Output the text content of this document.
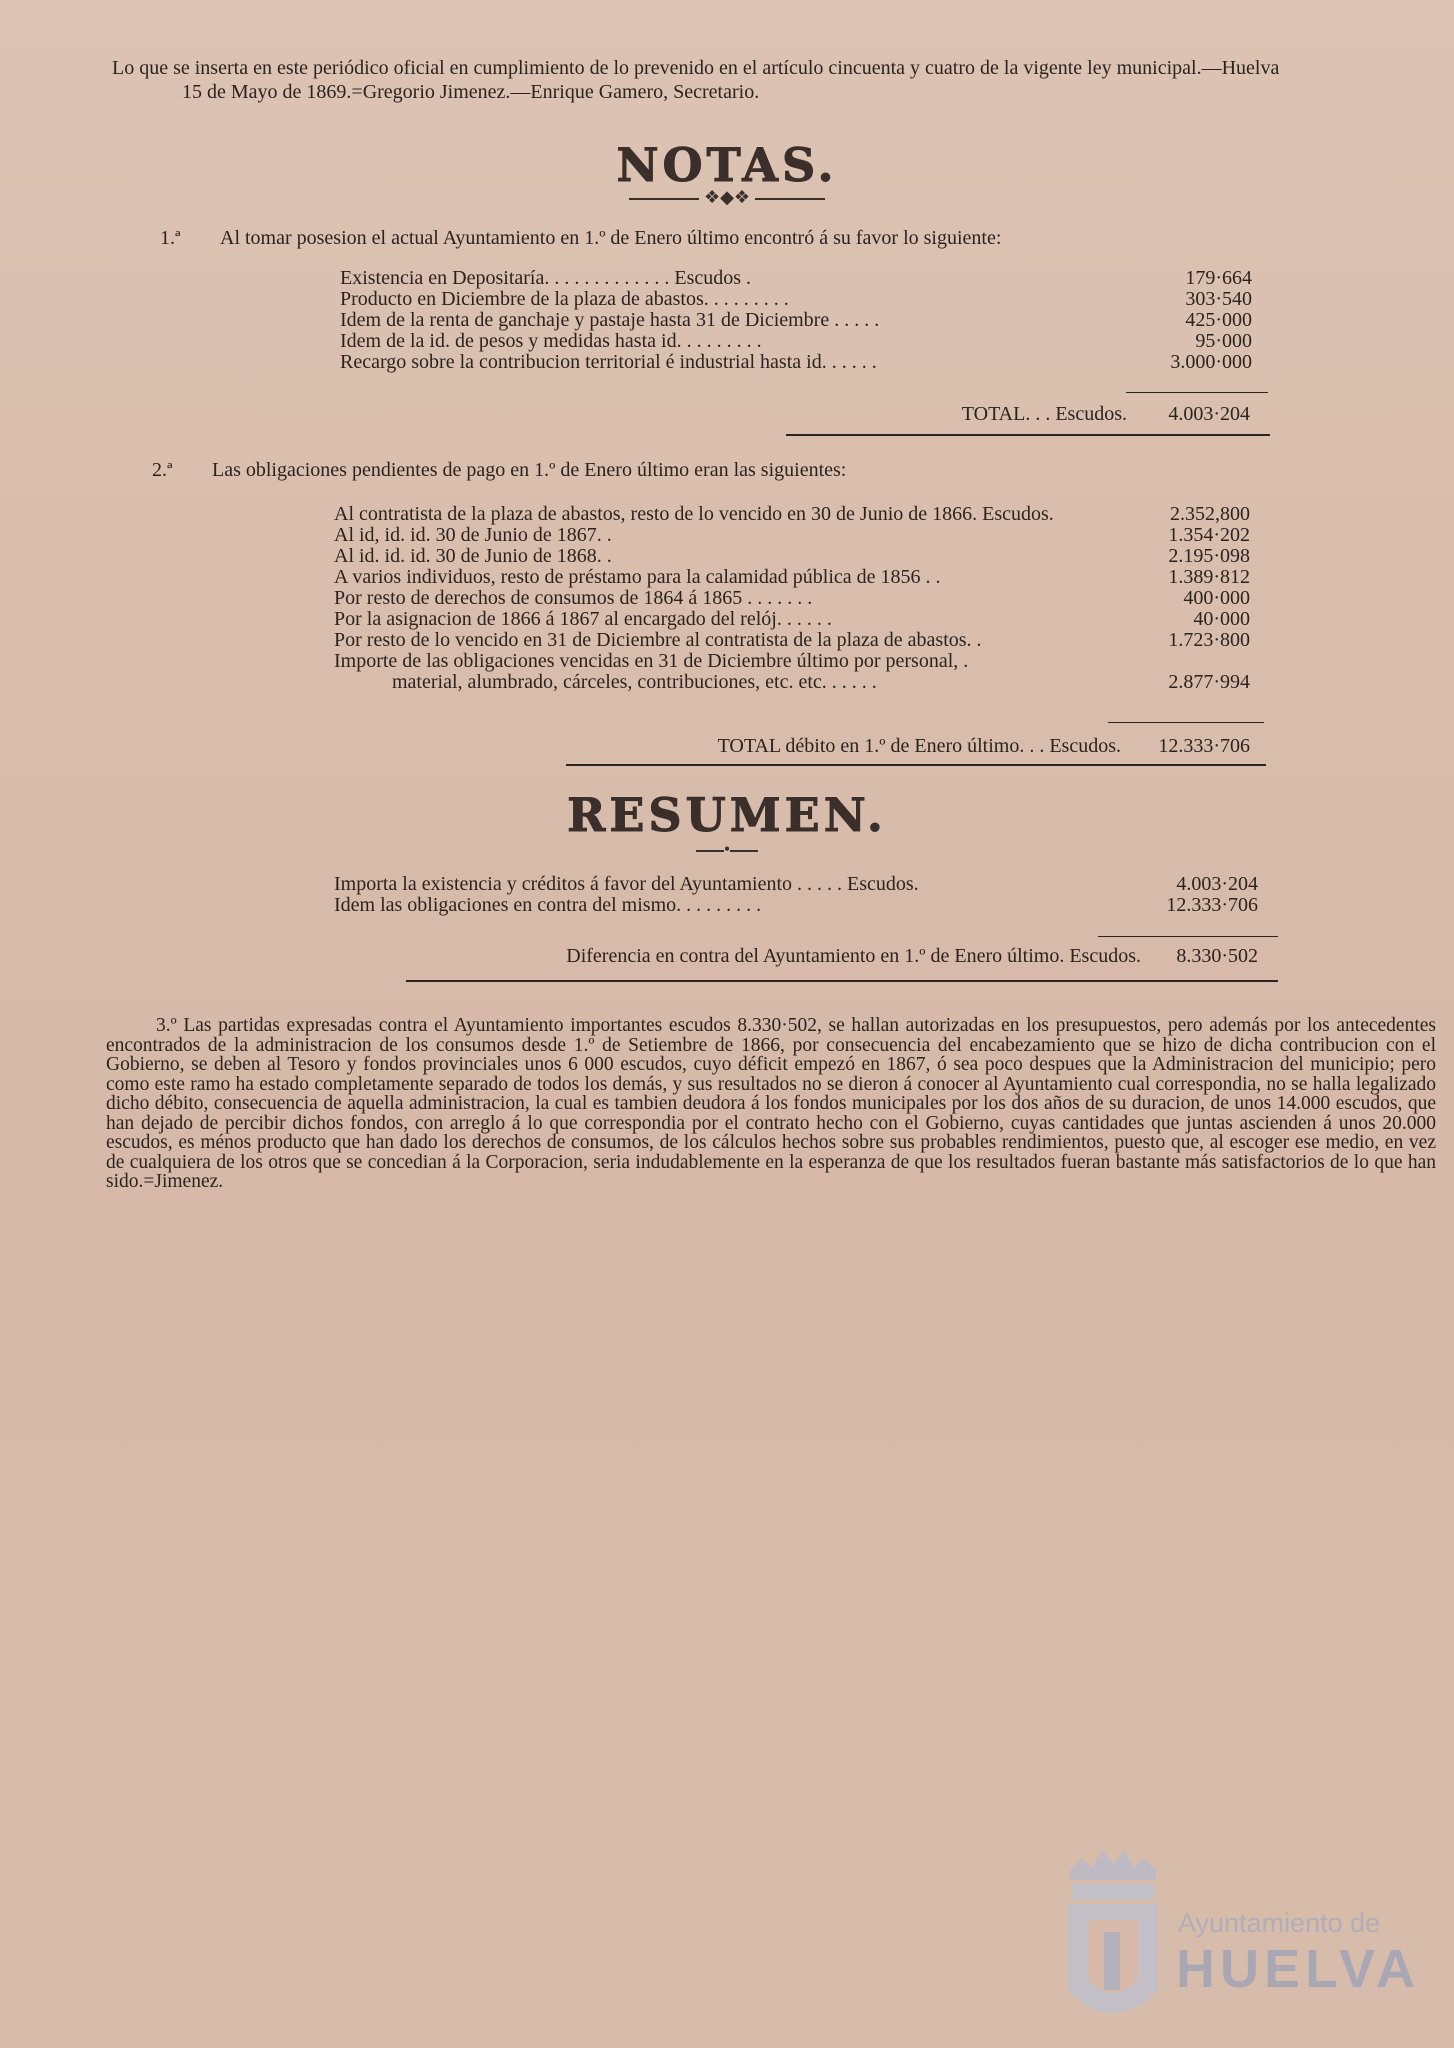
Lo que se inserta en este periódico oficial en cumplimiento de lo prevenido en el artículo cincuenta y cuatro de la vigente ley municipal.—Huelva
15 de Mayo de 1869.=Gregorio Jimenez.—Enrique Gamero, Secretario.
NOTAS.
❖◆❖
1.ª Al tomar posesion el actual Ayuntamiento en 1.º de Enero último encontró á su favor lo siguiente:
Existencia en Depositaría. . . . . . . . . . . . . Escudos .	179·664
Producto en Diciembre de la plaza de abastos. . . . . . . . .	303·540
Idem de la renta de ganchaje y pastaje hasta 31 de Diciembre . . . . .	425·000
Idem de la id. de pesos y medidas hasta id. . . . . . . . .	95·000
Recargo sobre la contribucion territorial é industrial hasta id. . . . . .	3.000·000
TOTAL. . . Escudos. 4.003·204
2.ª Las obligaciones pendientes de pago en 1.º de Enero último eran las siguientes:
Al contratista de la plaza de abastos, resto de lo vencido en 30 de Junio de 1866. Escudos.	2.352,800
Al id, id. id. 30 de Junio de 1867. .	1.354·202
Al id. id. id. 30 de Junio de 1868. .	2.195·098
A varios individuos, resto de préstamo para la calamidad pública de 1856 . .	1.389·812
Por resto de derechos de consumos de 1864 á 1865 . . . . . . .	400·000
Por la asignacion de 1866 á 1867 al encargado del relój. . . . . .	40·000
Por resto de lo vencido en 31 de Diciembre al contratista de la plaza de abastos. .	1.723·800
Importe de las obligaciones vencidas en 31 de Diciembre último por personal, .	
material, alumbrado, cárceles, contribuciones, etc. etc. . . . . .	2.877·994
TOTAL débito en 1.º de Enero último. . . Escudos. 12.333·706
RESUMEN.
•
Importa la existencia y créditos á favor del Ayuntamiento . . . . . Escudos.	4.003·204
Idem las obligaciones en contra del mismo. . . . . . . . .	12.333·706
Diferencia en contra del Ayuntamiento en 1.º de Enero último. Escudos. 8.330·502
3.º Las partidas expresadas contra el Ayuntamiento importantes escudos 8.330·502, se hallan autorizadas en los presupuestos, pero además por los antecedentes encontrados de la administracion de los consumos desde 1.º de Setiembre de 1866, por consecuencia del encabezamiento que se hizo de dicha contribucion con el Gobierno, se deben al Tesoro y fondos provinciales unos 6 000 escudos, cuyo déficit empezó en 1867, ó sea poco despues que la Administracion del municipio; pero como este ramo ha estado completamente separado de todos los demás, y sus resultados no se dieron á conocer al Ayuntamiento cual correspondia, no se halla legalizado dicho débito, consecuencia de aquella administracion, la cual es tambien deudora á los fondos municipales por los dos años de su duracion, de unos 14.000 escudos, que han dejado de percibir dichos fondos, con arreglo á lo que correspondia por el contrato hecho con el Gobierno, cuyas cantidades que juntas ascienden á unos 20.000 escudos, es ménos producto que han dado los derechos de consumos, de los cálculos hechos sobre sus probables rendimientos, puesto que, al escoger ese medio, en vez de cualquiera de los otros que se concedian á la Corporacion, seria indudablemente en la esperanza de que los resultados fueran bastante más satisfactorios de lo que han sido.=Jimenez.
Ayuntamiento de
HUELVA
